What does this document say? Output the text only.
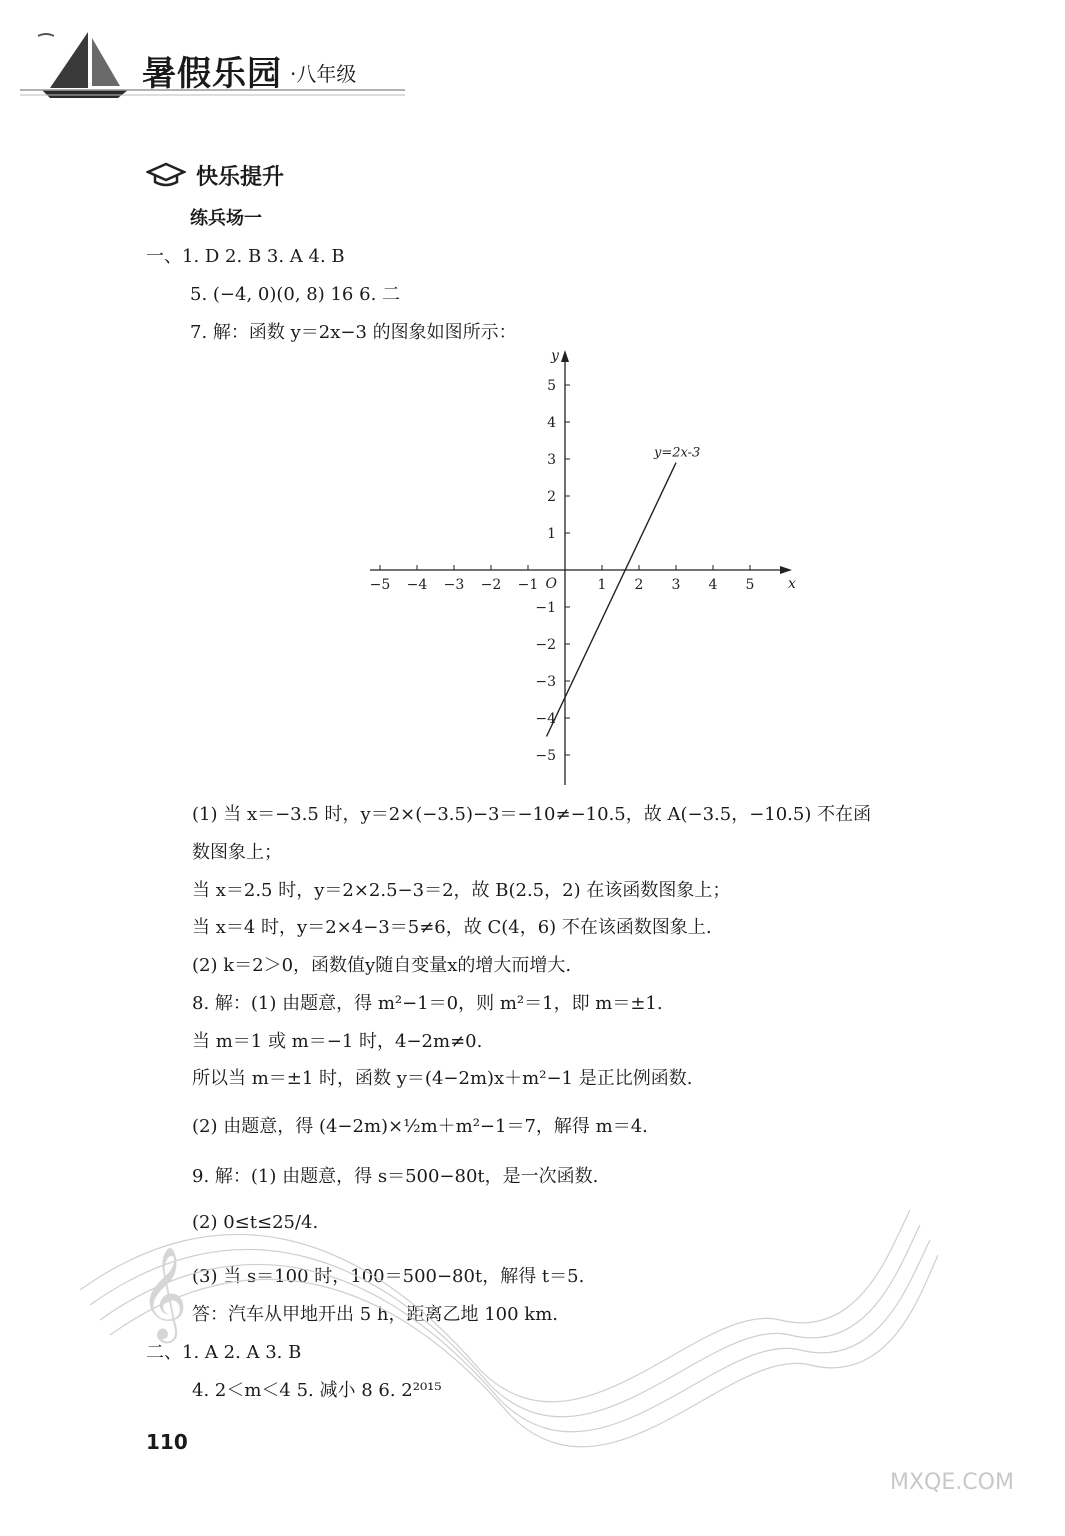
暑假乐园 ·八年级
快乐提升
练兵场一
一、1. D 2. B 3. A 4. B
5. (−4, 0)(0, 8) 16 6. 二
7. 解：函数 y＝2x−3 的图象如图所示：
x
y
O
−5 −4 −3 −2 −1	1 2 3 4 5
5
4
3
2
1
−1
−2
−3
−4
−5
y=2x-3
(1) 当 x＝−3.5 时，y＝2×(−3.5)−3＝−10≠−10.5，故 A(−3.5，−10.5) 不在函
数图象上；
当 x＝2.5 时，y＝2×2.5−3＝2，故 B(2.5，2) 在该函数图象上；
当 x＝4 时，y＝2×4−3＝5≠6，故 C(4，6) 不在该函数图象上.
(2) k＝2＞0，函数值y随自变量x的增大而增大.
8. 解：(1) 由题意，得 m²−1＝0，则 m²＝1，即 m＝±1.
当 m＝1 或 m＝−1 时，4−2m≠0.
所以当 m＝±1 时，函数 y＝(4−2m)x＋m²−1 是正比例函数.
(2) 由题意，得 (4−2m)×½m＋m²−1＝7，解得 m＝4.
9. 解：(1) 由题意，得 s＝500−80t，是一次函数.
(2) 0≤t≤25/4.
(3) 当 s＝100 时，100＝500−80t，解得 t＝5.
答：汽车从甲地开出 5 h，距离乙地 100 km.
二、1. A 2. A 3. B
4. 2＜m＜4 5. 减小 8 6. 2²⁰¹⁵
𝄞
110
MXQE.COM
